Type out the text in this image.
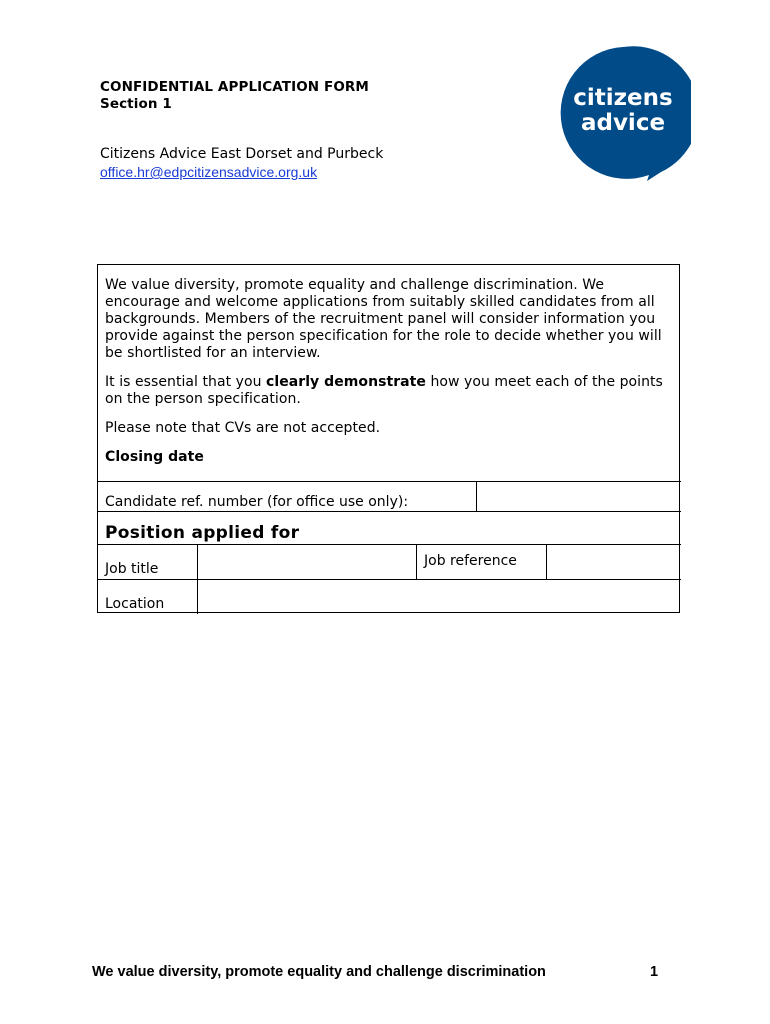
CONFIDENTIAL APPLICATION FORM
Section 1
Citizens Advice East Dorset and Purbeck
office.hr@edpcitizensadvice.org.uk
citizens
advice

We value diversity, promote equality and challenge discrimination. We encourage and welcome applications from suitably skilled candidates from all backgrounds. Members of the recruitment panel will consider information you provide against the person specification for the role to decide whether you will be shortlisted for an interview.

It is essential that you clearly demonstrate how you meet each of the points on the person specification.

Please note that CVs are not accepted.

Closing date

Candidate ref. number (for office use only):
Position applied for
Job title	Job reference
Location
We value diversity, promote equality and challenge discrimination	1
